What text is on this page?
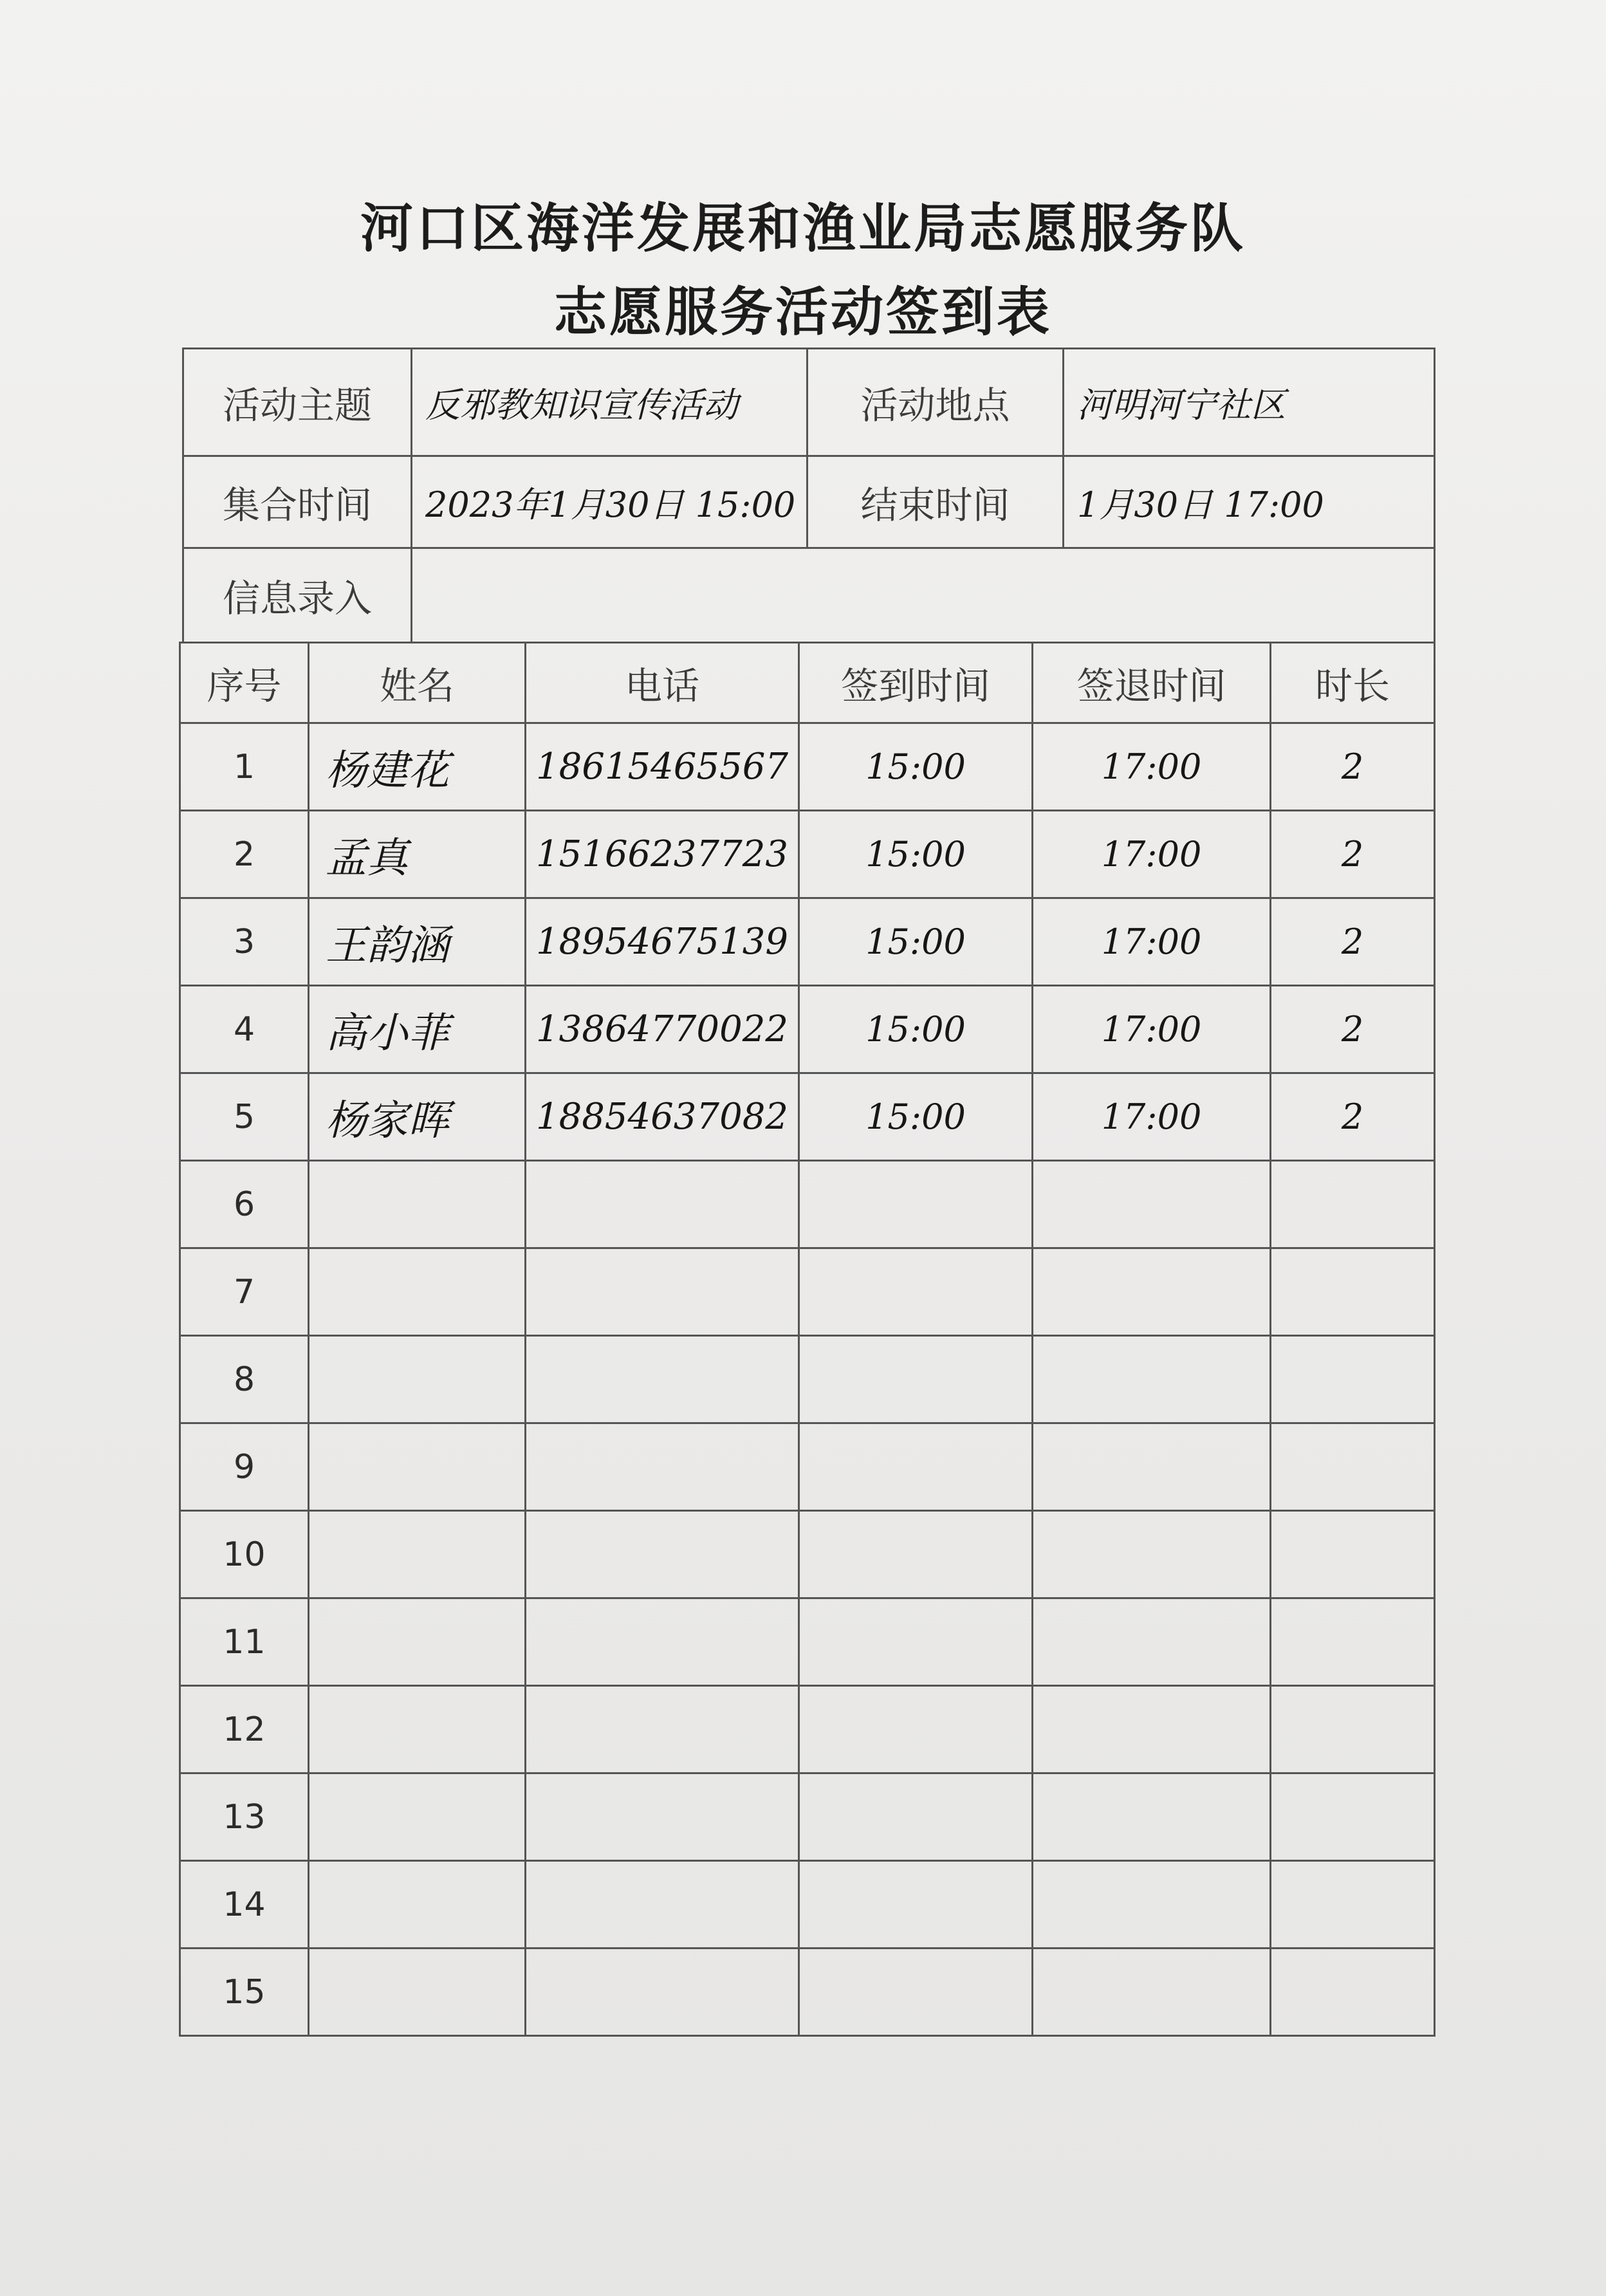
河口区海洋发展和渔业局志愿服务队
志愿服务活动签到表
活动主题	反邪教知识宣传活动	活动地点	河明河宁社区
集合时间	2023年1月30日 15:00	结束时间	1月30日 17:00
信息录入			
序号	姓名	电话	签到时间	签退时间	时长
1	杨建花	18615465567	15:00	17:00	2
2	孟真	15166237723	15:00	17:00	2
3	王韵涵	18954675139	15:00	17:00	2
4	高小菲	13864770022	15:00	17:00	2
5	杨家晖	18854637082	15:00	17:00	2
6					
7					
8					
9					
10					
11					
12					
13					
14					
15					
